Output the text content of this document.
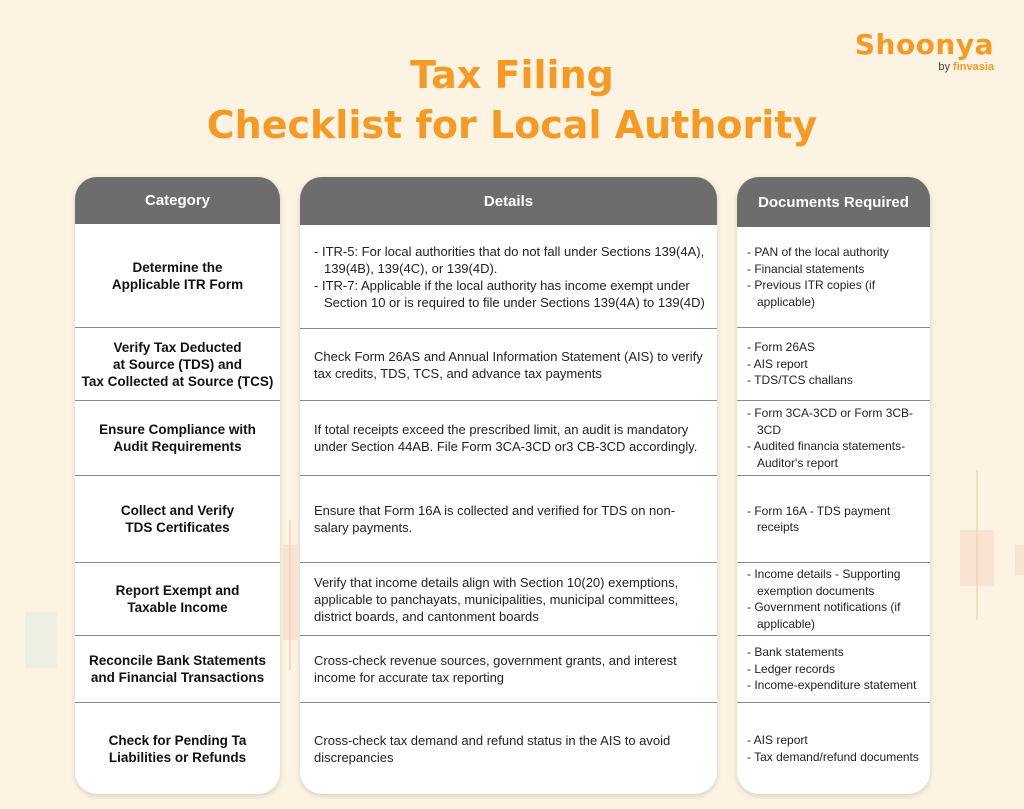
Shoonya
by finvasia
Tax Filing
Checklist for Local Authority
Category
Determine the
Applicable ITR Form
Verify Tax Deducted
at Source (TDS) and
Tax Collected at Source (TCS)
Ensure Compliance with
Audit Requirements
Collect and Verify
TDS Certificates
Report Exempt and
Taxable Income
Reconcile Bank Statements
and Financial Transactions
Check for Pending Ta
Liabilities or Refunds
Details
- ITR-5: For local authorities that do not fall under Sections 139(4A), 139(4B), 139(4C), or 139(4D).
- ITR-7: Applicable if the local authority has income exempt under Section 10 or is required to file under Sections 139(4A) to 139(4D)
Check Form 26AS and Annual Information Statement (AIS) to verify tax credits, TDS, TCS, and advance tax payments
If total receipts exceed the prescribed limit, an audit is mandatory under Section 44AB. File Form 3CA-3CD or3 CB-3CD accordingly.
Ensure that Form 16A is collected and verified for TDS on non-salary payments.
Verify that income details align with Section 10(20) exemptions, applicable to panchayats, municipalities, municipal committees, district boards, and cantonment boards
Cross-check revenue sources, government grants, and interest income for accurate tax reporting
Cross-check tax demand and refund status in the AIS to avoid discrepancies
Documents Required
- PAN of the local authority
- Financial statements
- Previous ITR copies (if applicable)
- Form 26AS
- AIS report
- TDS/TCS challans
- Form 3CA-3CD or Form 3CB-3CD
- Audited financia statements- Auditor's report
- Form 16A - TDS payment receipts
- Income details - Supporting exemption documents
- Government notifications (if applicable)
- Bank statements
- Ledger records
- Income-expenditure statement
- AIS report
- Tax demand/refund documents
